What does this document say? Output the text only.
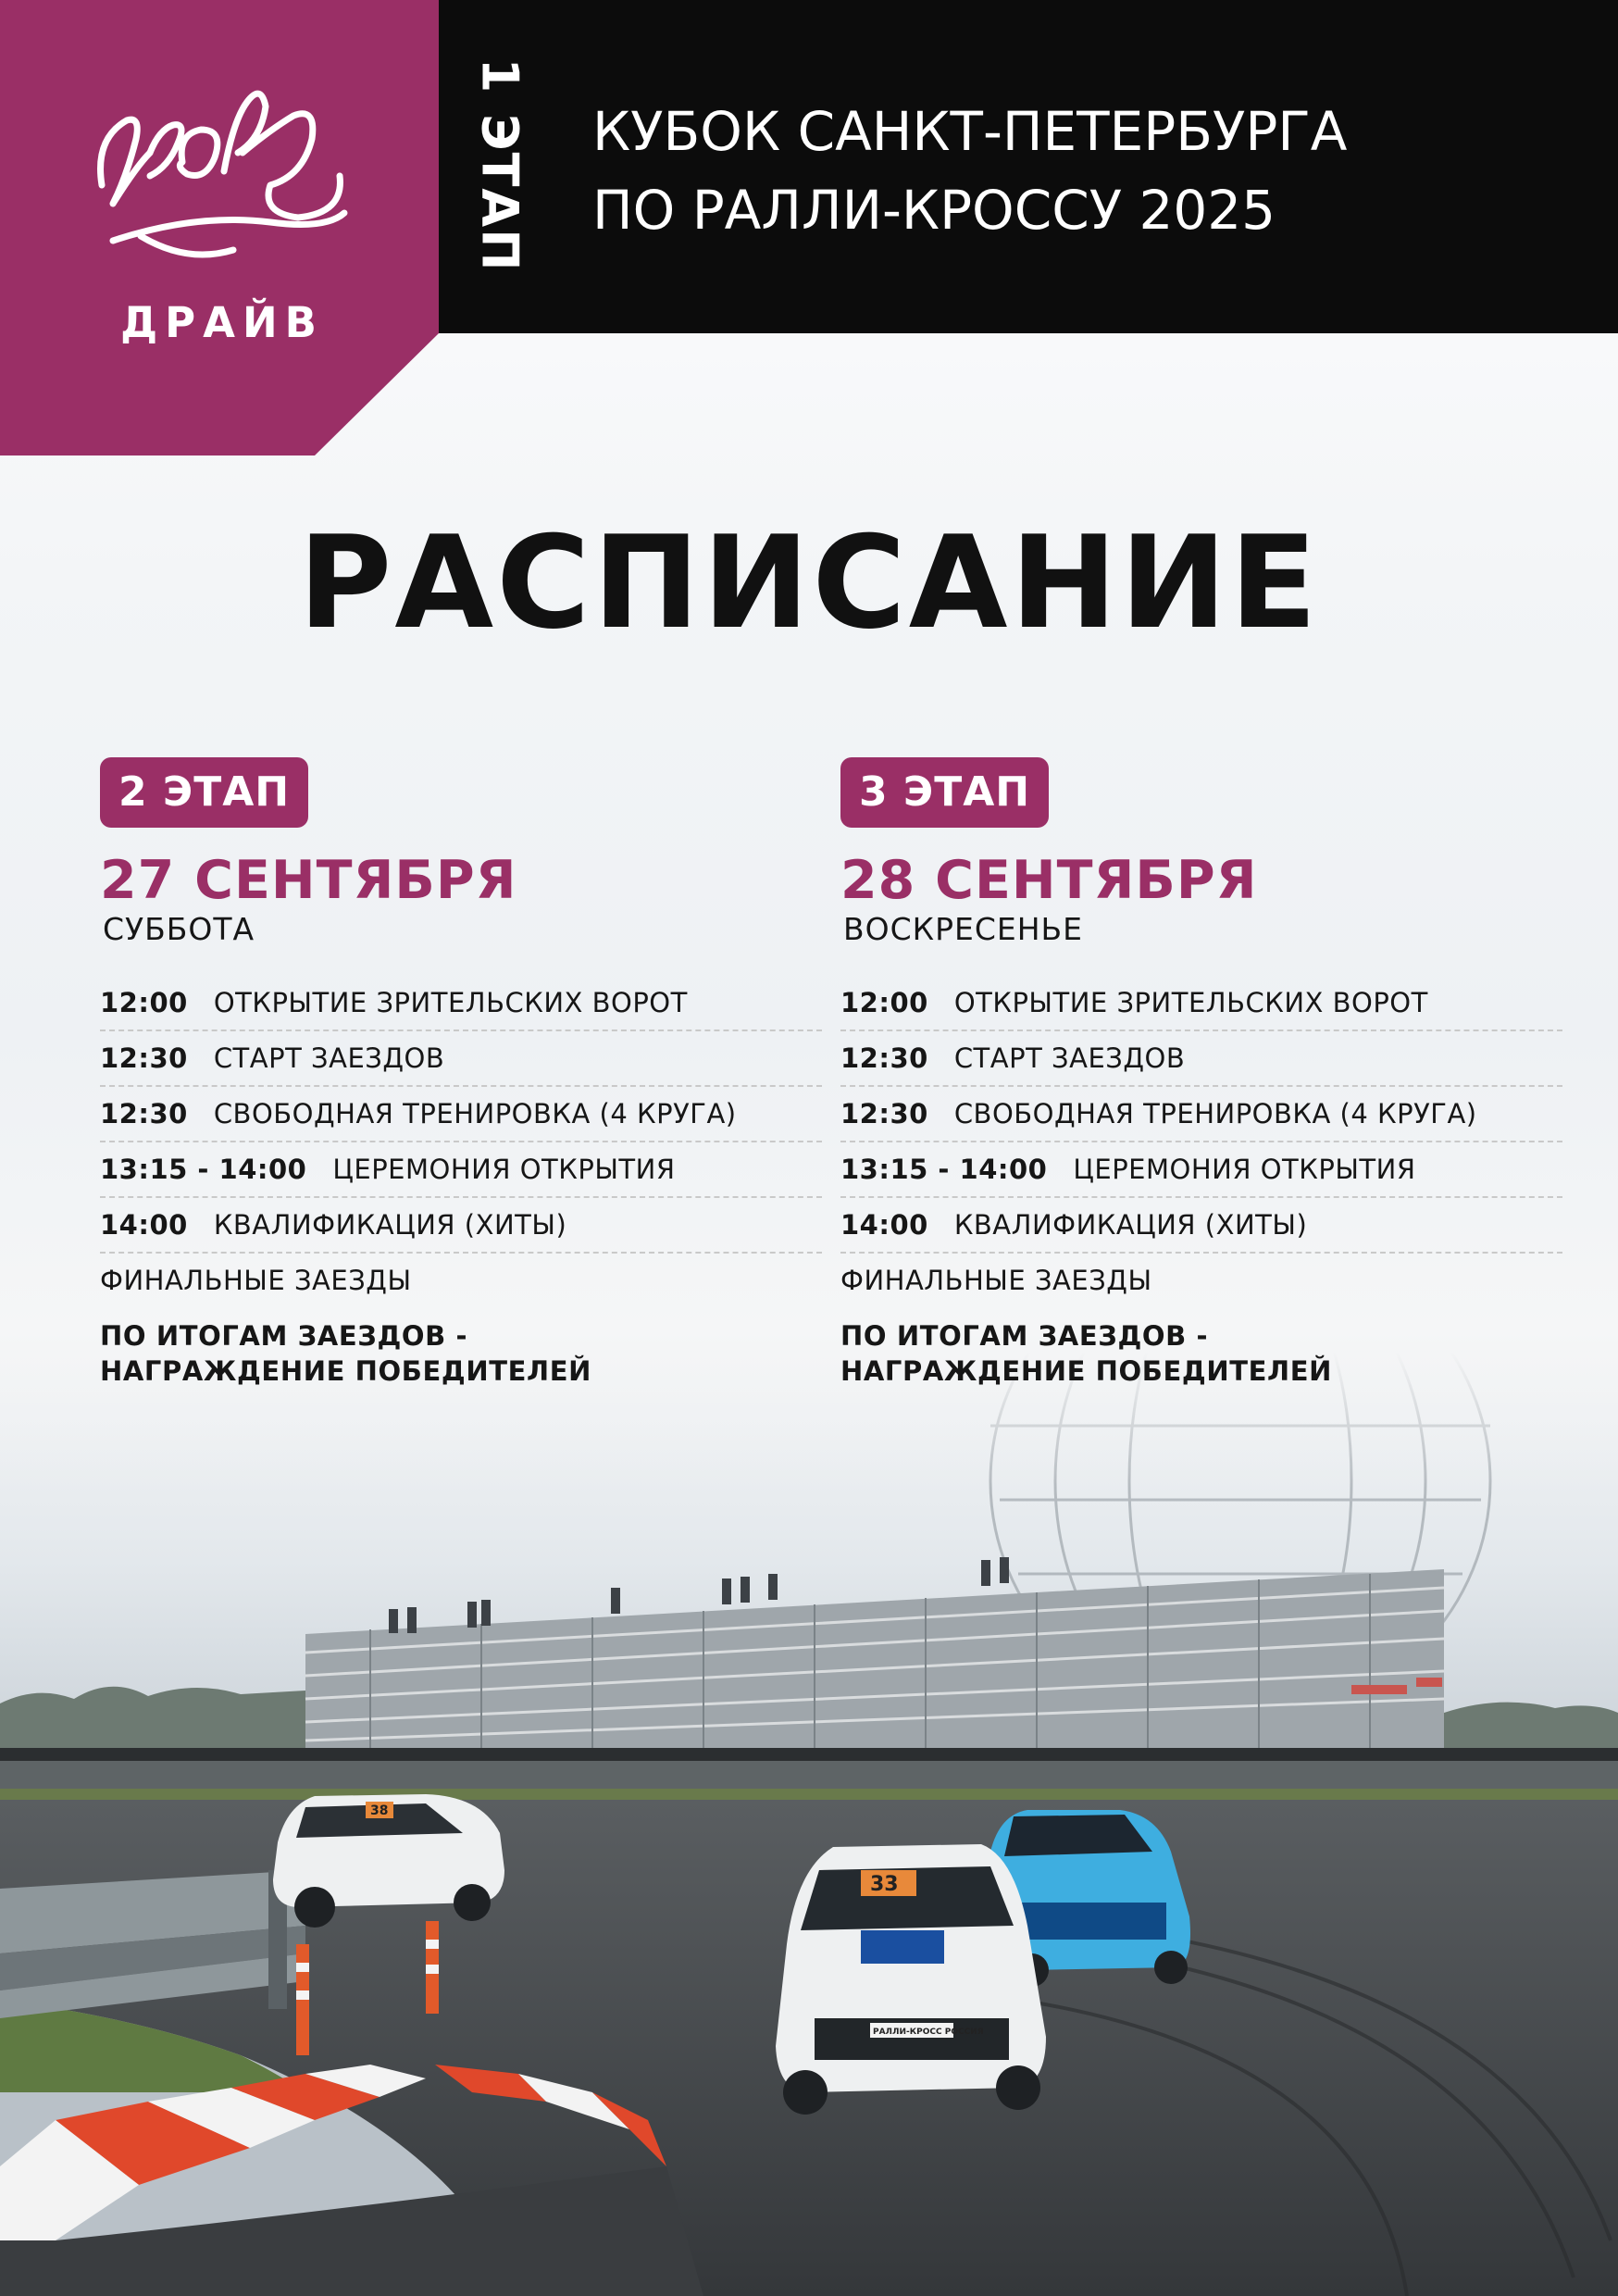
38
33
РАЛЛИ-КРОСС РОССИЯ
ДРАЙВ
1 ЭТАП КУБОК САНКТ-ПЕТЕРБУРГА
ПО РАЛЛИ-КРОССУ 2025
РАСПИСАНИЕ
2 ЭТАП
27 СЕНТЯБРЯ
СУББОТА
12:00 ОТКРЫТИЕ ЗРИТЕЛЬСКИХ ВОРОТ
12:30 СТАРТ ЗАЕЗДОВ
12:30 СВОБОДНАЯ ТРЕНИРОВКА (4 КРУГА)
13:15 - 14:00 ЦЕРЕМОНИЯ ОТКРЫТИЯ
14:00 КВАЛИФИКАЦИЯ (ХИТЫ)
ФИНАЛЬНЫЕ ЗАЕЗДЫ
ПО ИТОГАМ ЗАЕЗДОВ -
НАГРАЖДЕНИЕ ПОБЕДИТЕЛЕЙ
3 ЭТАП
28 СЕНТЯБРЯ
ВОСКРЕСЕНЬЕ
12:00 ОТКРЫТИЕ ЗРИТЕЛЬСКИХ ВОРОТ
12:30 СТАРТ ЗАЕЗДОВ
12:30 СВОБОДНАЯ ТРЕНИРОВКА (4 КРУГА)
13:15 - 14:00 ЦЕРЕМОНИЯ ОТКРЫТИЯ
14:00 КВАЛИФИКАЦИЯ (ХИТЫ)
ФИНАЛЬНЫЕ ЗАЕЗДЫ
ПО ИТОГАМ ЗАЕЗДОВ -
НАГРАЖДЕНИЕ ПОБЕДИТЕЛЕЙ
